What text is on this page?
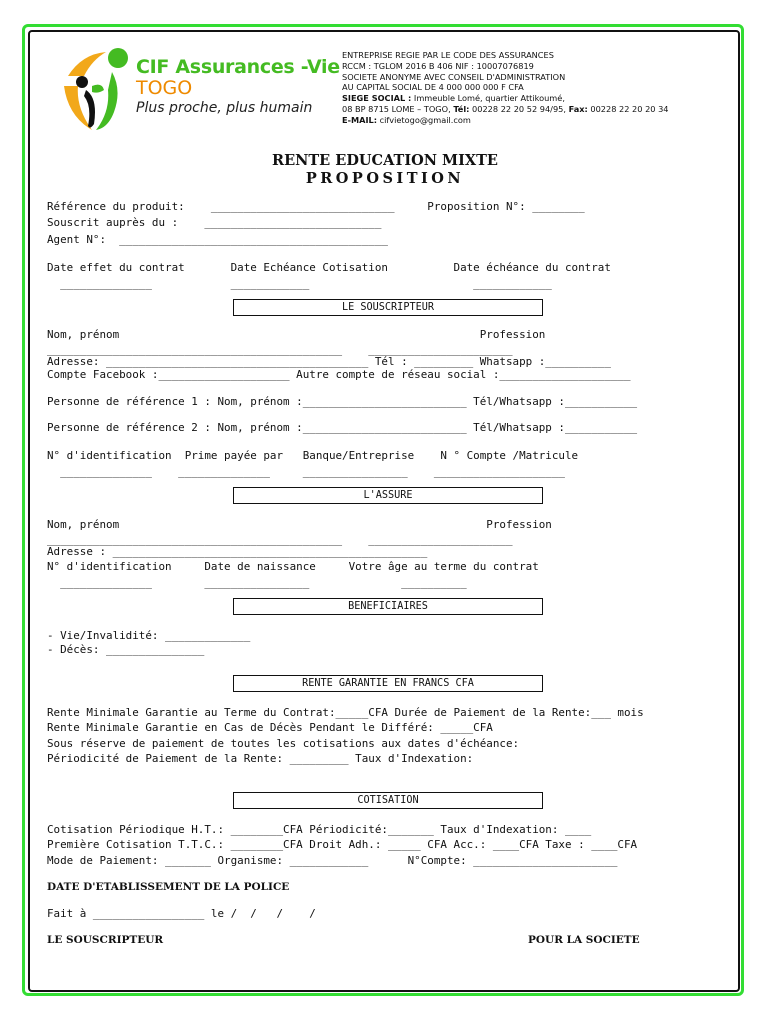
CIF Assurances -Vie
TOGO
Plus proche, plus humain
ENTREPRISE REGIE PAR LE CODE DES ASSURANCES
RCCM : TGLOM 2016 B 406 NIF : 10007076819
SOCIETE ANONYME AVEC CONSEIL D'ADMINISTRATION
AU CAPITAL SOCIAL DE 4 000 000 000 F CFA
SIEGE SOCIAL : Immeuble Lomé, quartier Attikoumé,
08 BP 8715 LOME – TOGO, Tél: 00228 22 20 52 94/95, Fax: 00228 22 20 20 34
E-MAIL: cifvietogo@gmail.com
RENTE EDUCATION MIXTE
PROPOSITION
Référence du produit:    ____________________________     Proposition N°: ________
Souscrit auprès du :    ___________________________
Agent N°:  _________________________________________
Date effet du contrat       Date Echéance Cotisation          Date échéance du contrat
______________            ____________                         ____________
LE SOUSCRIPTEUR
Nom, prénom                                                       Profession
_____________________________________________    ______________________
Adresse: ________________________________________ Tél : _________ Whatsapp :__________
Compte Facebook :____________________ Autre compte de réseau social :____________________
Personne de référence 1 : Nom, prénom :_________________________ Tél/Whatsapp :___________
Personne de référence 2 : Nom, prénom :_________________________ Tél/Whatsapp :___________
N° d'identification  Prime payée par   Banque/Entreprise    N ° Compte /Matricule
______________    ______________     ________________    ____________________
L'ASSURE
Nom, prénom                                                        Profession
_____________________________________________    ______________________
Adresse : ________________________________________________
N° d'identification     Date de naissance     Votre âge au terme du contrat
______________        ________________              __________
BENEFICIAIRES
- Vie/Invalidité: _____________
- Décès: _______________
RENTE GARANTIE EN FRANCS CFA
Rente Minimale Garantie au Terme du Contrat:_____CFA Durée de Paiement de la Rente:___ mois
Rente Minimale Garantie en Cas de Décès Pendant le Différé: _____CFA
Sous réserve de paiement de toutes les cotisations aux dates d'échéance:
Périodicité de Paiement de la Rente: _________ Taux d'Indexation:
COTISATION
Cotisation Périodique H.T.: ________CFA Périodicité:_______ Taux d'Indexation: ____
Première Cotisation T.T.C.: ________CFA Droit Adh.: _____ CFA Acc.: ____CFA Taxe : ____CFA
Mode de Paiement: _______ Organisme: ____________      N°Compte: ______________________
DATE D'ETABLISSEMENT DE LA POLICE
Fait à _________________ le /  /   /    /
LE SOUSCRIPTEUR	POUR LA SOCIETE
